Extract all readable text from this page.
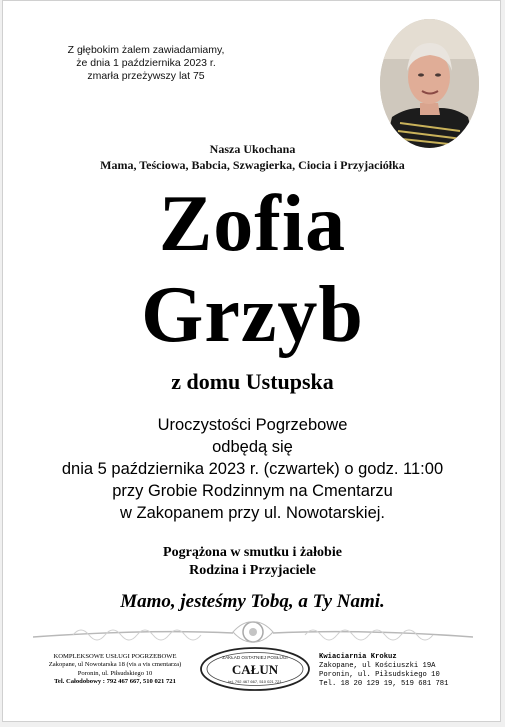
Z głębokim żalem zawiadamiamy,
że dnia 1 października 2023 r.
zmarła przeżywszy lat 75
Nasza Ukochana
Mama, Teściowa, Babcia, Szwagierka, Ciocia i Przyjaciółka
Zofia
Grzyb
z domu Ustupska
Uroczystości Pogrzebowe
odbędą się
dnia 5 października 2023 r. (czwartek) o godz. 11:00
przy Grobie Rodzinnym na Cmentarzu
w Zakopanem przy ul. Nowotarskiej.
Pogrążona w smutku i żałobie
Rodzina i Przyjaciele
Mamo, jesteśmy Tobą, a Ty Nami.
KOMPLEKSOWE USŁUGI POGRZEBOWE
Zakopane, ul Nowotarska 18 (vis a vis cmentarza)
Poronin, ul. Piłsudskiego 10
Tel. Całodobowy : 792 467 667, 510 021 721
ZAKŁAD OSTATNIEJ POSŁUGI
CAŁUN
tel. 792 467 667, 510 021 721
Kwiaciarnia Krokuz
Zakopane, ul Kościuszki 19A
Poronin, ul. Piłsudskiego 10
Tel. 18 20 129 19, 519 681 781
